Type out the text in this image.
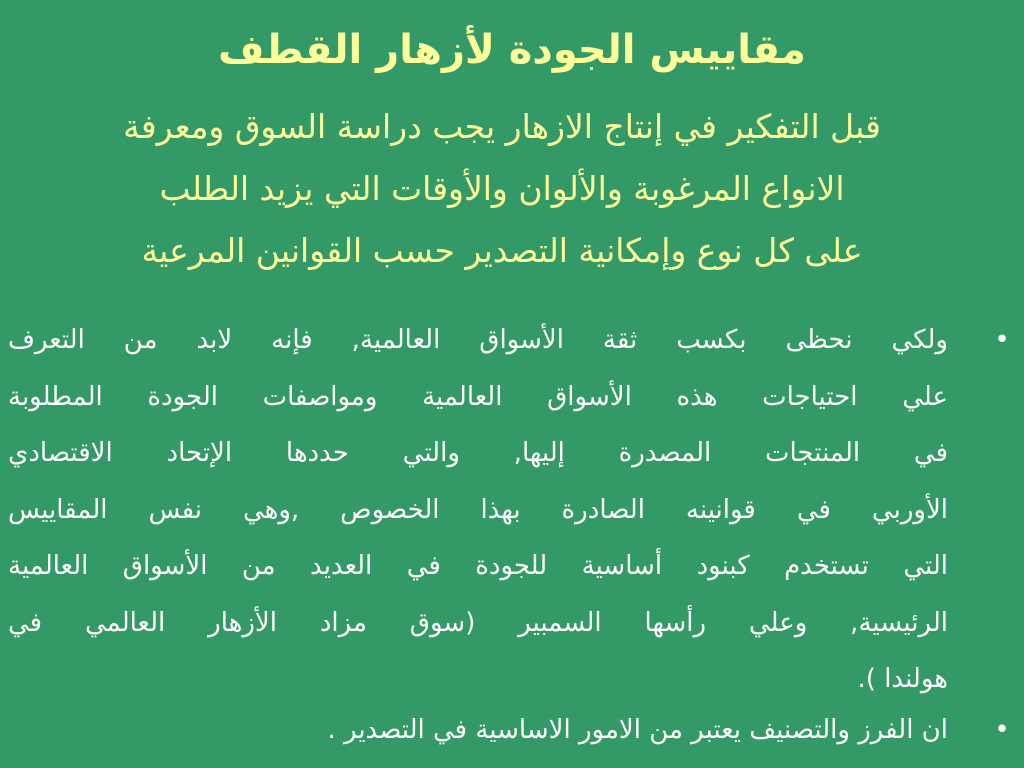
مقاييس الجودة لأزهار القطف
قبل التفكير في إنتاج الازهار يجب دراسة السوق ومعرفة
الانواع المرغوبة والألوان والأوقات التي يزيد الطلب
على كل نوع وإمكانية التصدير حسب القوانين المرعية
•
ولكي نحظى بكسب ثقة الأسواق العالمية, فإنه لابد من التعرف
علي احتياجات هذه الأسواق العالمية ومواصفات الجودة المطلوبة
في المنتجات المصدرة إليها, والتي حددها الإتحاد الاقتصادي
الأوربي في قوانينه الصادرة بهذا الخصوص ,وهي نفس المقاييس
التي تستخدم كبنود أساسية للجودة في العديد من الأسواق العالمية
الرئيسية, وعلي رأسها السمبير (سوق مزاد الأزهار العالمي في
هولندا ).
•
ان الفرز والتصنيف يعتبر من الامور الاساسية في التصدير .
